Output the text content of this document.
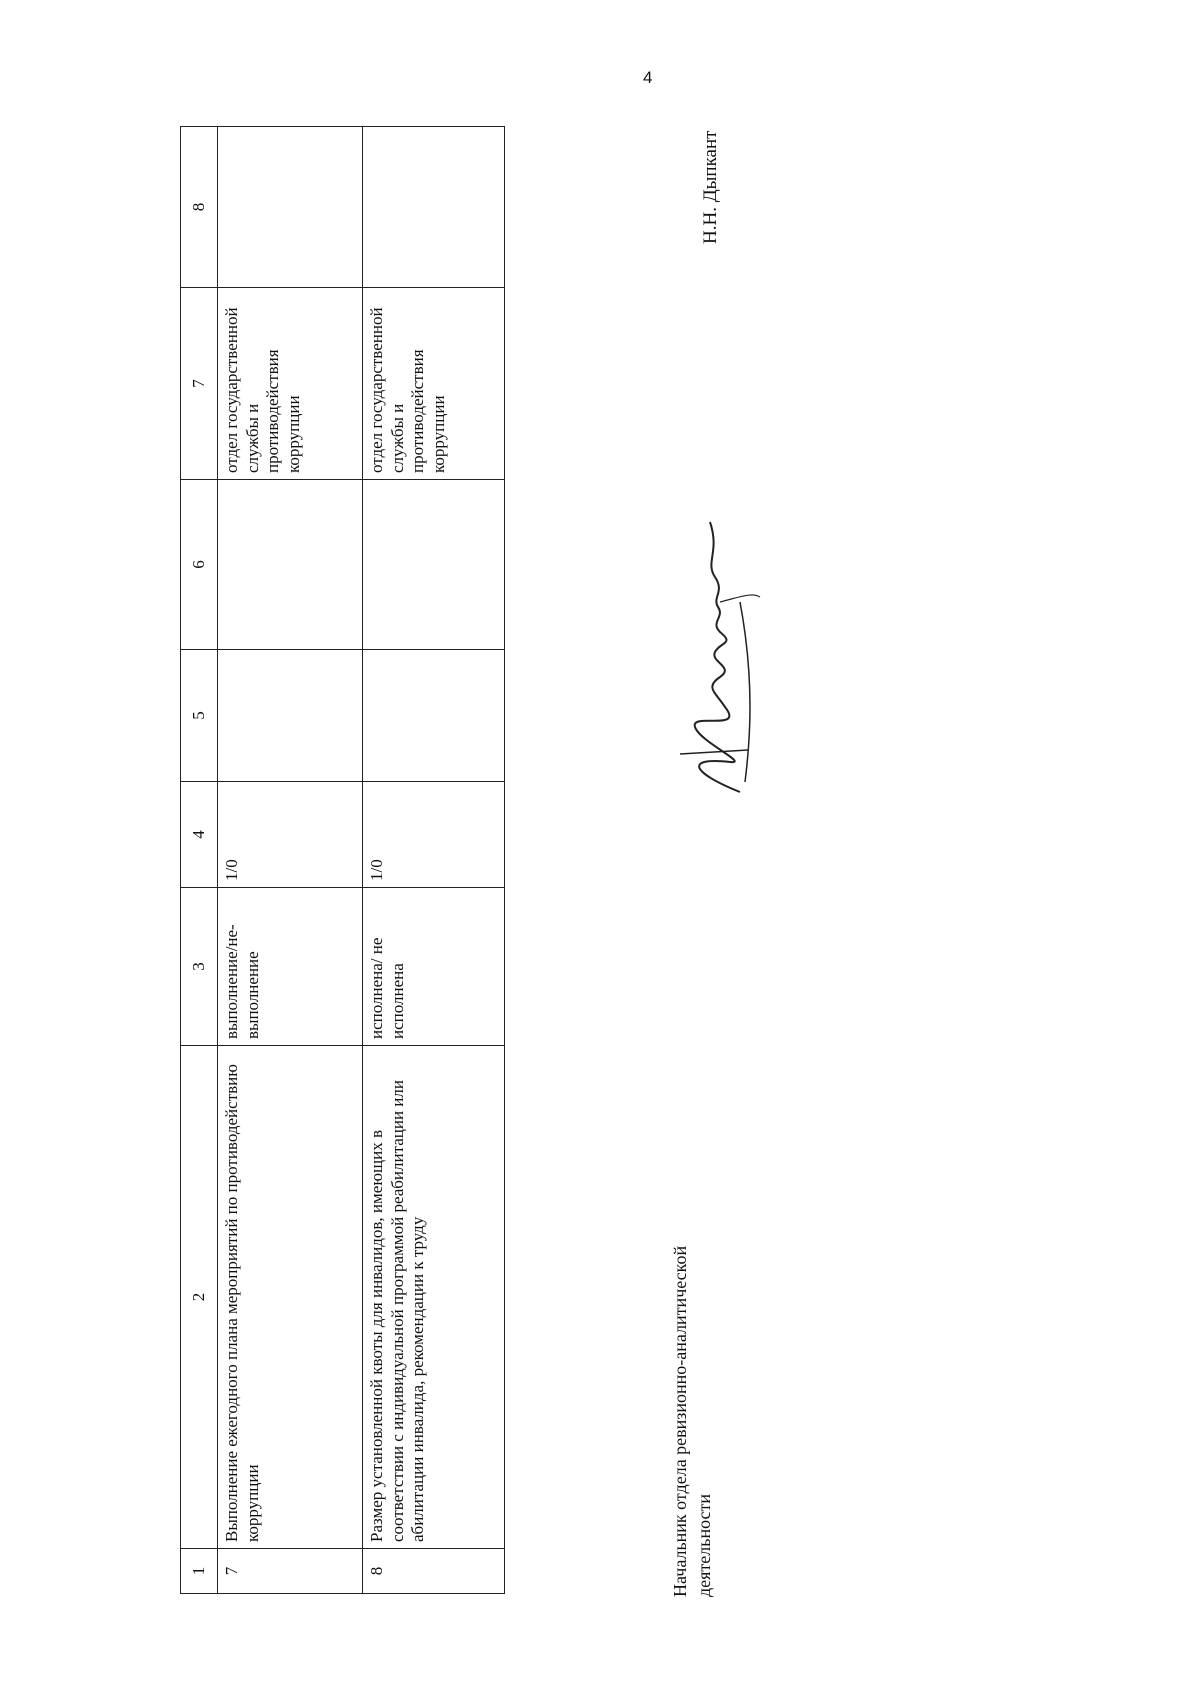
4
1	2	3	4	5	6	7	8
7	Выполнение ежегодного плана мероприятий по противодействию коррупции	выполнение/не-выполнение	1/0			отдел государственной службы и противодействия коррупции	
8	Размер установленной квоты для инвалидов, имеющих в соответствии с индивидуальной программой реабилитации или абилитации инвалида, рекомендации к труду	исполнена/ не исполнена	1/0			отдел государственной службы и противодействия коррупции	
Начальник отдела ревизионно-аналитической деятельности
Н.Н. Дыпкант
